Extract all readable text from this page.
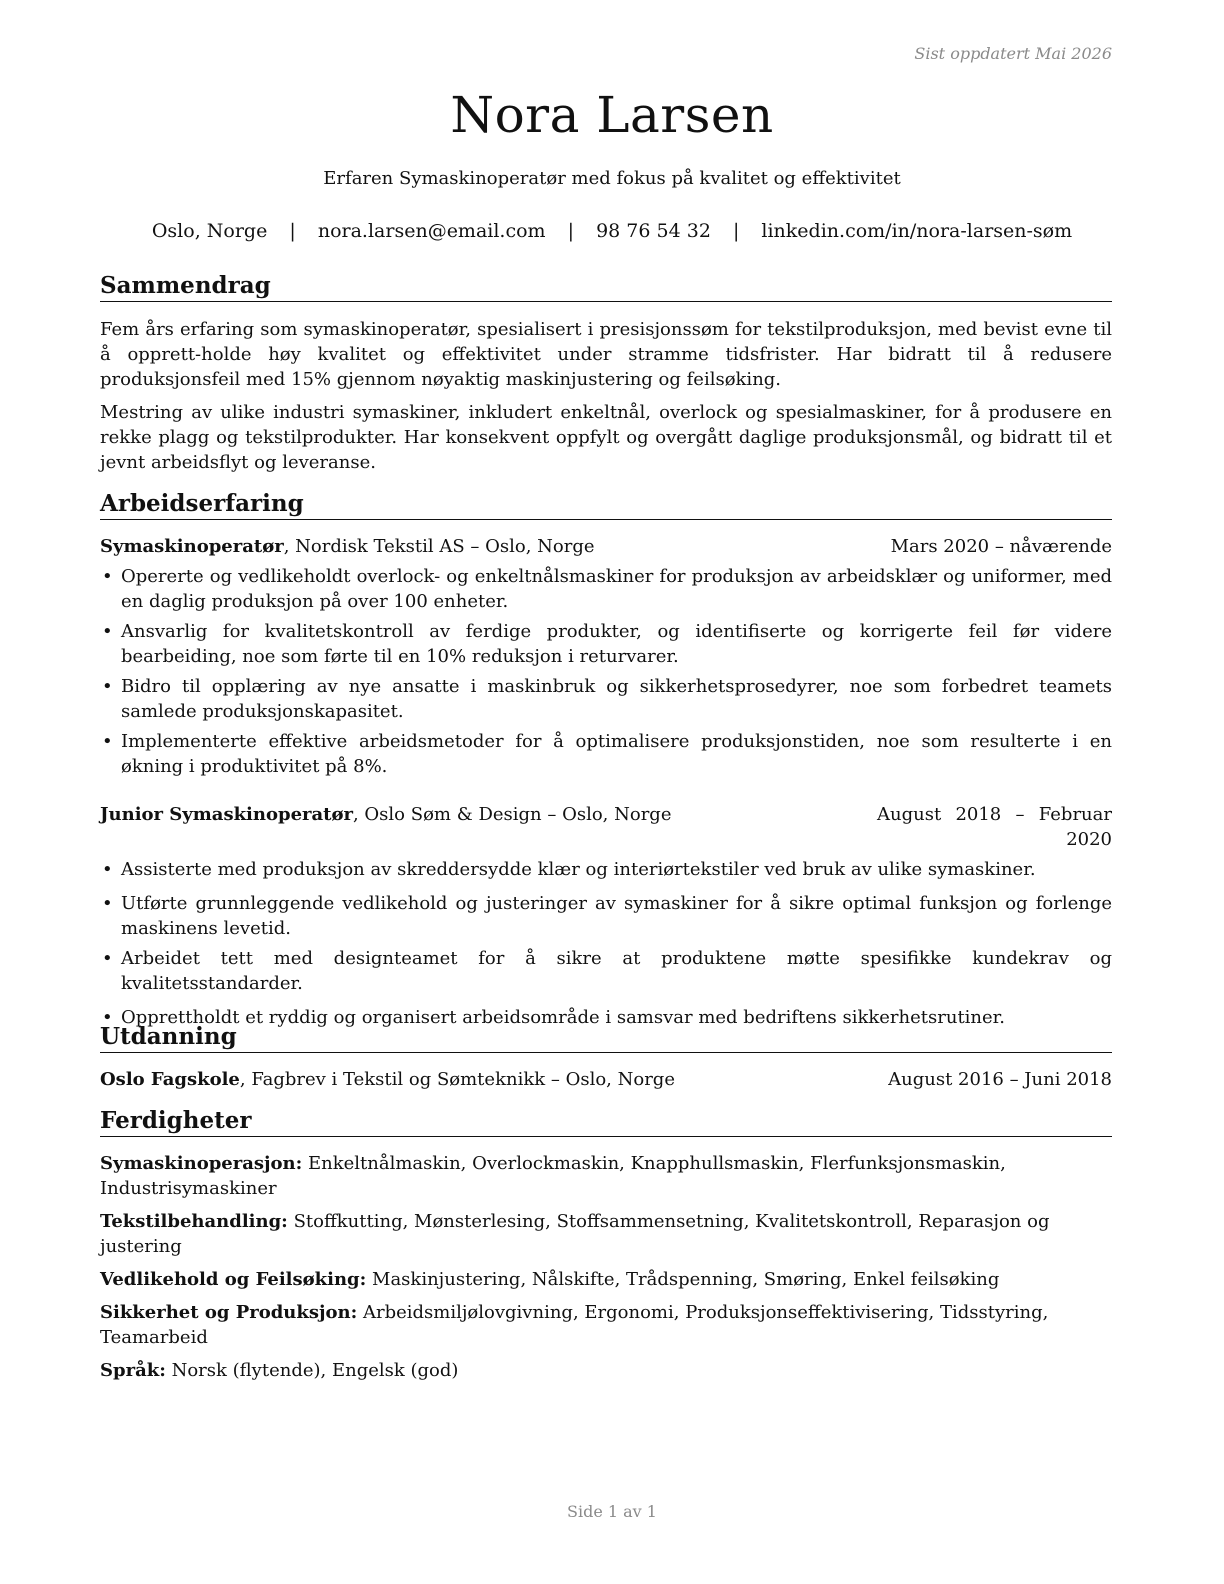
Sist oppdatert Mai 2026
Nora Larsen
Erfaren Symaskinoperatør med fokus på kvalitet og effektivitet
Oslo, Norge | nora.larsen@email.com | 98 76 54 32 | linkedin.com/in/nora-larsen-søm
Sammendrag

Fem års erfaring som symaskinoperatør, spesialisert i presisjonssøm for tekstilproduksjon, med bevist evne til å opprett-holde høy kvalitet og effektivitet under stramme tidsfrister. Har bidratt til å redusere produksjonsfeil med 15% gjennom nøyaktig maskinjustering og feilsøking.

Mestring av ulike industri symaskiner, inkludert enkeltnål, overlock og spesialmaskiner, for å produsere en rekke plagg og tekstilprodukter. Har konsekvent oppfylt og overgått daglige produksjonsmål, og bidratt til et jevnt arbeidsflyt og leveranse.

Arbeidserfaring
Symaskinoperatør, Nordisk Tekstil AS – Oslo, Norge	Mars 2020 – nåværende
• Opererte og vedlikeholdt overlock- og enkeltnålsmaskiner for produksjon av arbeidsklær og uniformer, med en daglig produksjon på over 100 enheter.
• Ansvarlig for kvalitetskontroll av ferdige produkter, og identifiserte og korrigerte feil før videre bearbeiding, noe som førte til en 10% reduksjon i returvarer.
• Bidro til opplæring av nye ansatte i maskinbruk og sikkerhetsprosedyrer, noe som forbedret teamets samlede produksjonskapasitet.
• Implementerte effektive arbeidsmetoder for å optimalisere produksjonstiden, noe som resulterte i en økning i produktivitet på 8%.
Junior Symaskinoperatør, Oslo Søm & Design – Oslo, Norge	August 2018 – Februar 2020
• Assisterte med produksjon av skreddersydde klær og interiørtekstiler ved bruk av ulike symaskiner.
• Utførte grunnleggende vedlikehold og justeringer av symaskiner for å sikre optimal funksjon og forlenge maskinens levetid.
• Arbeidet tett med designteamet for å sikre at produktene møtte spesifikke kundekrav og kvalitetsstandarder.
• Opprettholdt et ryddig og organisert arbeidsområde i samsvar med bedriftens sikkerhetsrutiner.
Utdanning
Oslo Fagskole, Fagbrev i Tekstil og Sømteknikk – Oslo, Norge	August 2016 – Juni 2018
Ferdigheter
Symaskinoperasjon: Enkeltnålmaskin, Overlockmaskin, Knapphullsmaskin, Flerfunksjonsmaskin, Industrisymaskiner
Tekstilbehandling: Stoffkutting, Mønsterlesing, Stoffsammensetning, Kvalitetskontroll, Reparasjon og justering
Vedlikehold og Feilsøking: Maskinjustering, Nålskifte, Trådspenning, Smøring, Enkel feilsøking
Sikkerhet og Produksjon: Arbeidsmiljølovgivning, Ergonomi, Produksjonseffektivisering, Tidsstyring, Teamarbeid
Språk: Norsk (flytende), Engelsk (god)
Side 1 av 1
